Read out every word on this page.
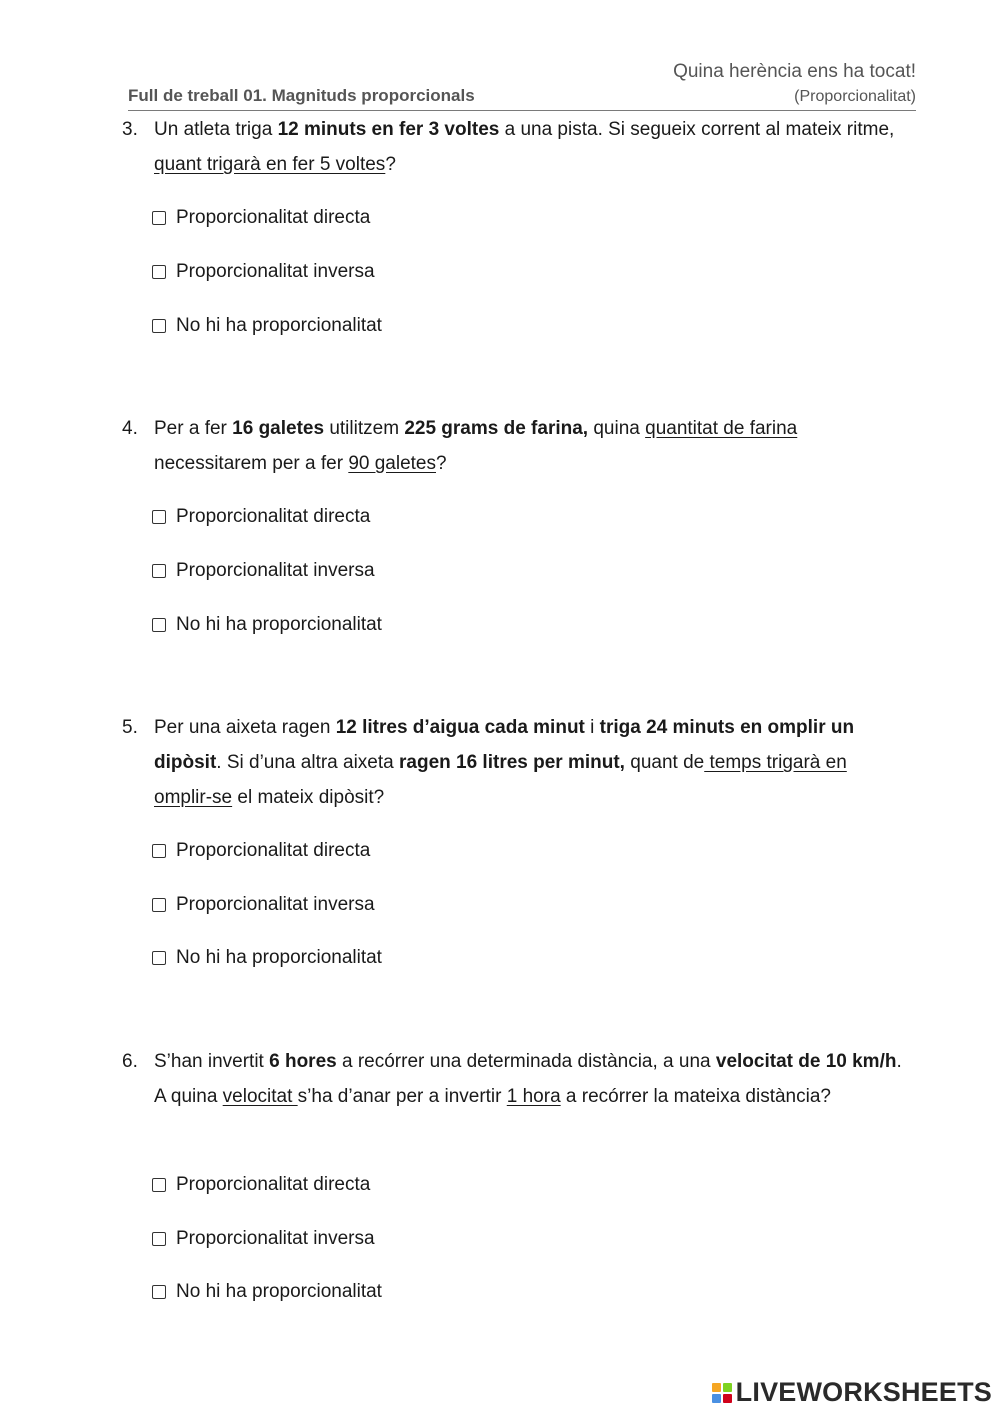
Full de treball 01. Magnituds proporcionals
Quina herència ens ha tocat!
(Proporcionalitat)
3. Un atleta triga 12 minuts en fer 3 voltes a una pista. Si segueix corrent al mateix ritme, quant trigarà en fer 5 voltes?
Proporcionalitat directa
Proporcionalitat inversa
No hi ha proporcionalitat
4. Per a fer 16 galetes utilitzem 225 grams de farina, quina quantitat de farina necessitarem per a fer 90 galetes?
Proporcionalitat directa
Proporcionalitat inversa
No hi ha proporcionalitat
5. Per una aixeta ragen 12 litres d’aigua cada minut i triga 24 minuts en omplir un dipòsit. Si d’una altra aixeta ragen 16 litres per minut, quant de temps trigarà en omplir-se el mateix dipòsit?
Proporcionalitat directa
Proporcionalitat inversa
No hi ha proporcionalitat
6. S’han invertit 6 hores a recórrer una determinada distància, a una velocitat de 10 km/h. A quina velocitat s’ha d’anar per a invertir 1 hora a recórrer la mateixa distància?
Proporcionalitat directa
Proporcionalitat inversa
No hi ha proporcionalitat
LIVEWORKSHEETS
